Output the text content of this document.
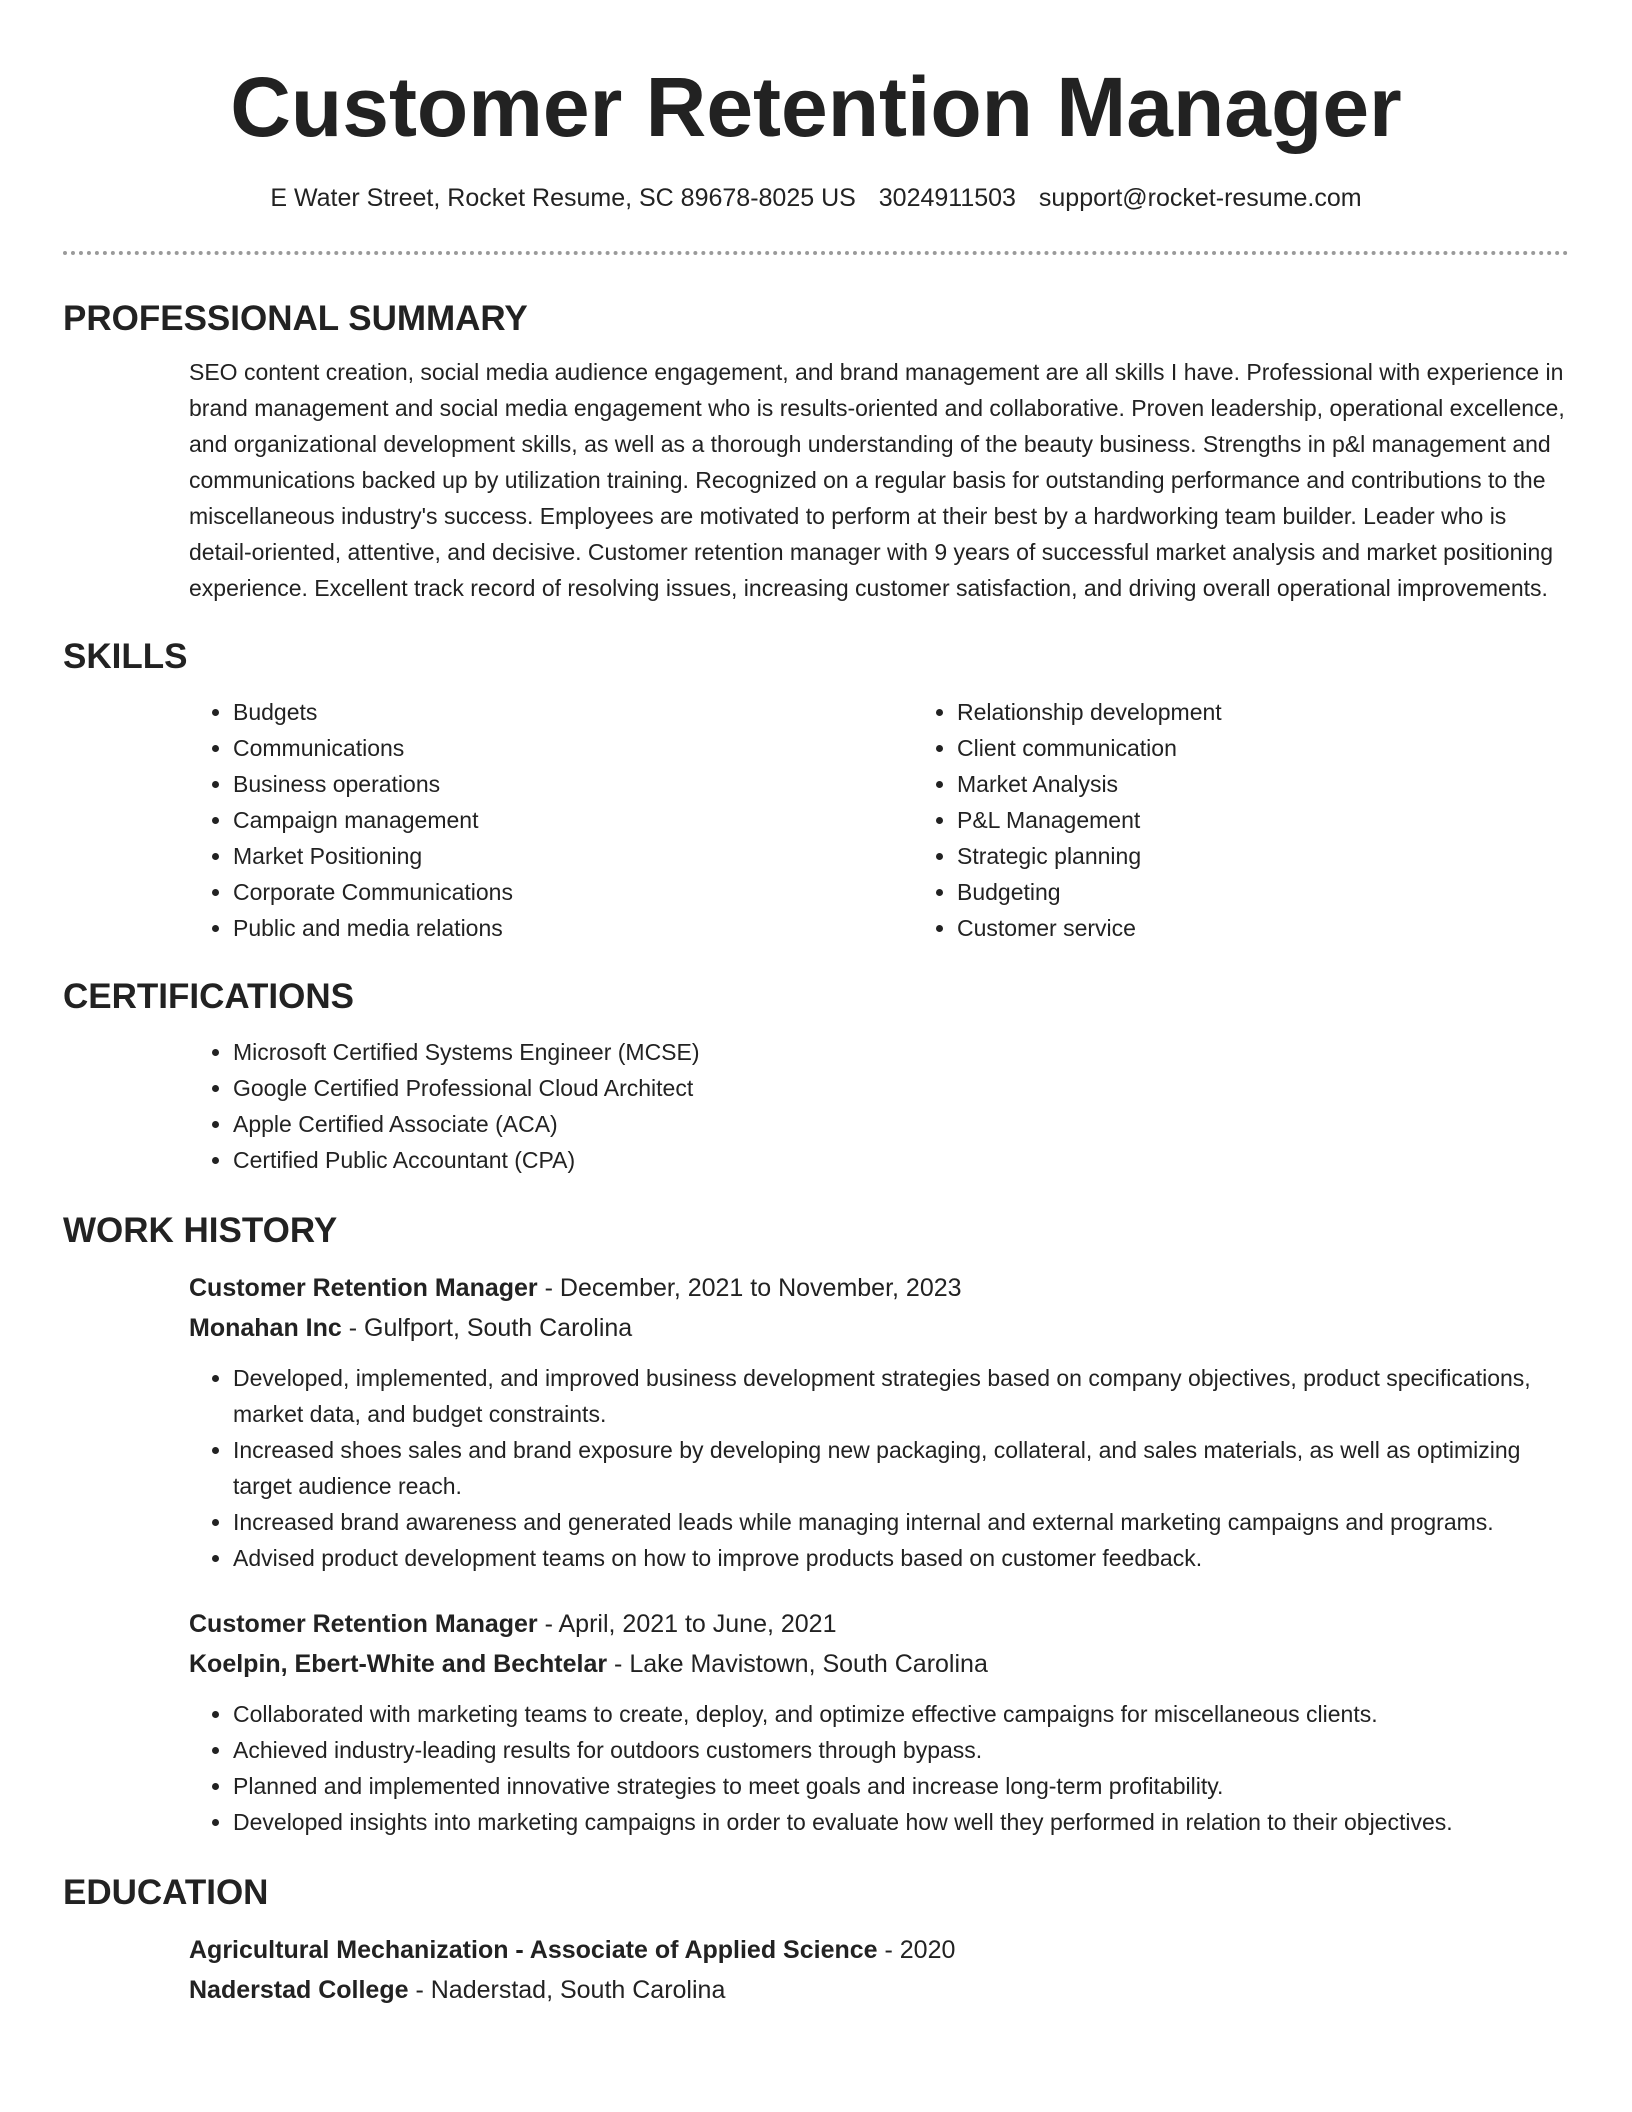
Customer Retention Manager
E Water Street, Rocket Resume, SC 89678-8025 US 3024911503 support@rocket-resume.com
PROFESSIONAL SUMMARY

SEO content creation, social media audience engagement, and brand management are all skills I have. Professional with experience in brand management and social media engagement who is results-oriented and collaborative. Proven leadership, operational excellence, and organizational development skills, as well as a thorough understanding of the beauty business. Strengths in p&l management and communications backed up by utilization training. Recognized on a regular basis for outstanding performance and contributions to the miscellaneous industry's success. Employees are motivated to perform at their best by a hardworking team builder. Leader who is detail-oriented, attentive, and decisive. Customer retention manager with 9 years of successful market analysis and market positioning experience. Excellent track record of resolving issues, increasing customer satisfaction, and driving overall operational improvements.

SKILLS
• Budgets
• Communications
• Business operations
• Campaign management
• Market Positioning
• Corporate Communications
• Public and media relations
• Relationship development
• Client communication
• Market Analysis
• P&L Management
• Strategic planning
• Budgeting
• Customer service
CERTIFICATIONS
• Microsoft Certified Systems Engineer (MCSE)
• Google Certified Professional Cloud Architect
• Apple Certified Associate (ACA)
• Certified Public Accountant (CPA)
WORK HISTORY
Customer Retention Manager - December, 2021 to November, 2023
Monahan Inc - Gulfport, South Carolina
• Developed, implemented, and improved business development strategies based on company objectives, product specifications, market data, and budget constraints.
• Increased shoes sales and brand exposure by developing new packaging, collateral, and sales materials, as well as optimizing target audience reach.
• Increased brand awareness and generated leads while managing internal and external marketing campaigns and programs.
• Advised product development teams on how to improve products based on customer feedback.
Customer Retention Manager - April, 2021 to June, 2021
Koelpin, Ebert-White and Bechtelar - Lake Mavistown, South Carolina
• Collaborated with marketing teams to create, deploy, and optimize effective campaigns for miscellaneous clients.
• Achieved industry-leading results for outdoors customers through bypass.
• Planned and implemented innovative strategies to meet goals and increase long-term profitability.
• Developed insights into marketing campaigns in order to evaluate how well they performed in relation to their objectives.
EDUCATION
Agricultural Mechanization - Associate of Applied Science - 2020
Naderstad College - Naderstad, South Carolina
